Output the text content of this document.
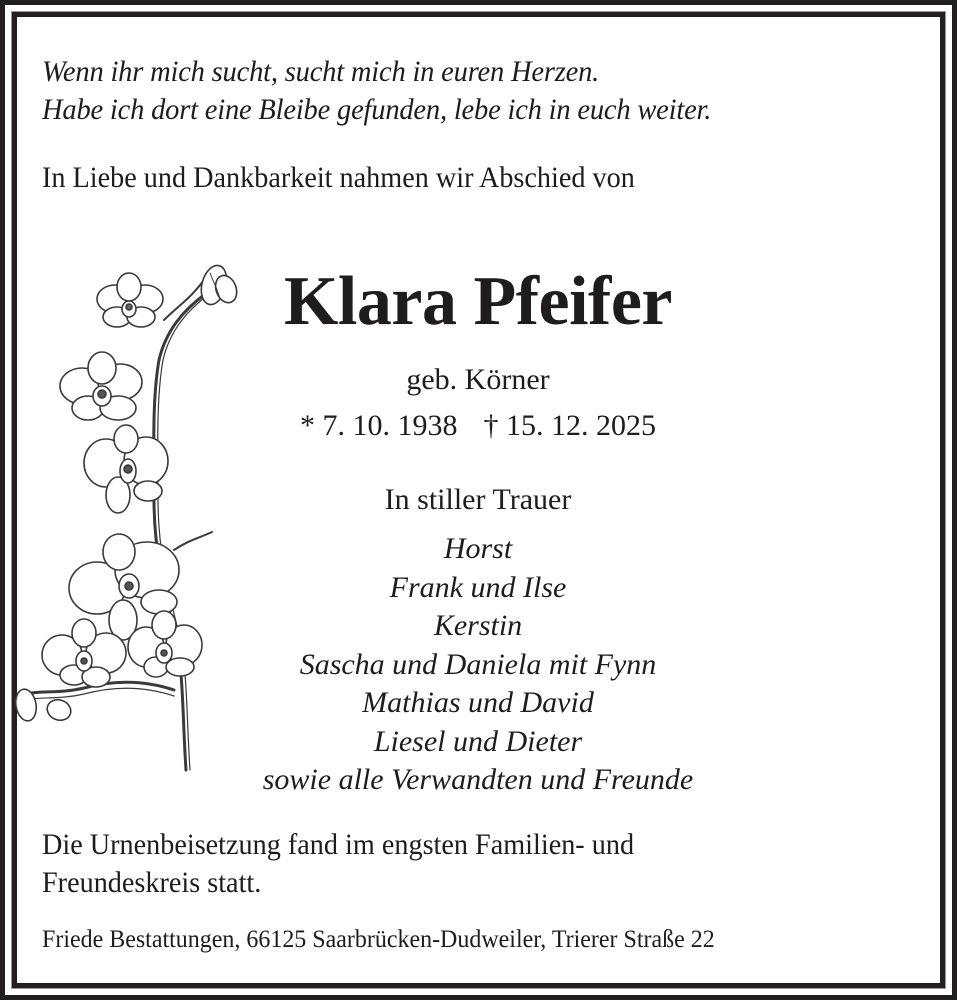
Wenn ihr mich sucht, sucht mich in euren Herzen.
Habe ich dort eine Bleibe gefunden, lebe ich in euch weiter.
In Liebe und Dankbarkeit nahmen wir Abschied von
Klara Pfeifer
geb. Körner
* 7. 10. 1938 † 15. 12. 2025
In stiller Trauer
Horst
Frank und Ilse
Kerstin
Sascha und Daniela mit Fynn
Mathias und David
Liesel und Dieter
sowie alle Verwandten und Freunde
Die Urnenbeisetzung fand im engsten Familien- und
Freundeskreis statt.
Friede Bestattungen, 66125 Saarbrücken-Dudweiler, Trierer Straße 22
